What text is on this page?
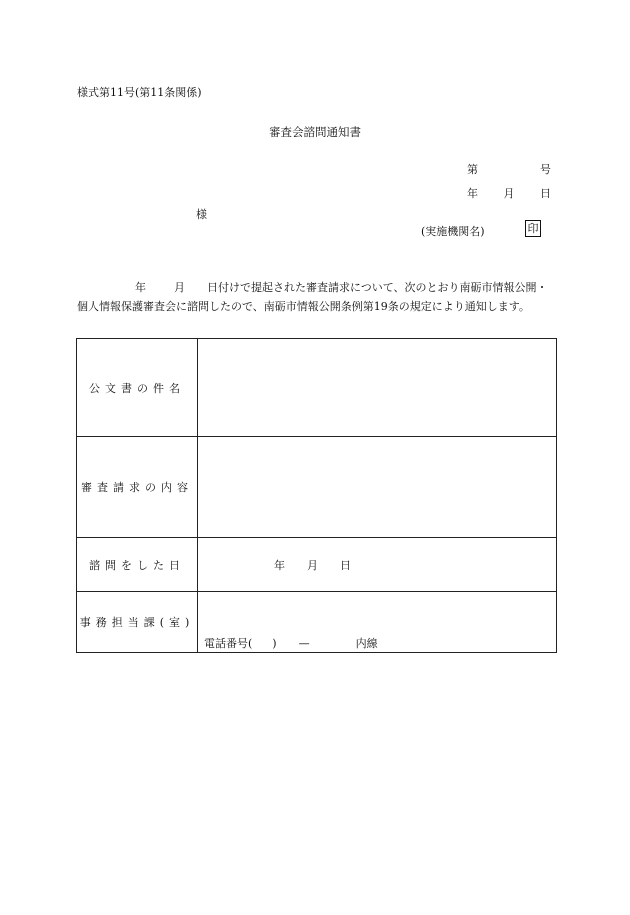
様式第11号(第11条関係)
審査会諮問通知書
第	号
年 月 日
様
(実施機関名)	印
年	月 日付けで提起された審査請求について、次のとおり南砺市情報公開・個人情報保護審査会に諮問したので、南砺市情報公開条例第19条の規定により通知します。
公文書の件名	
審査請求の内容	
諮問をした日	年 月 日

事務担当課(室)	電話番号( ) — 内線
